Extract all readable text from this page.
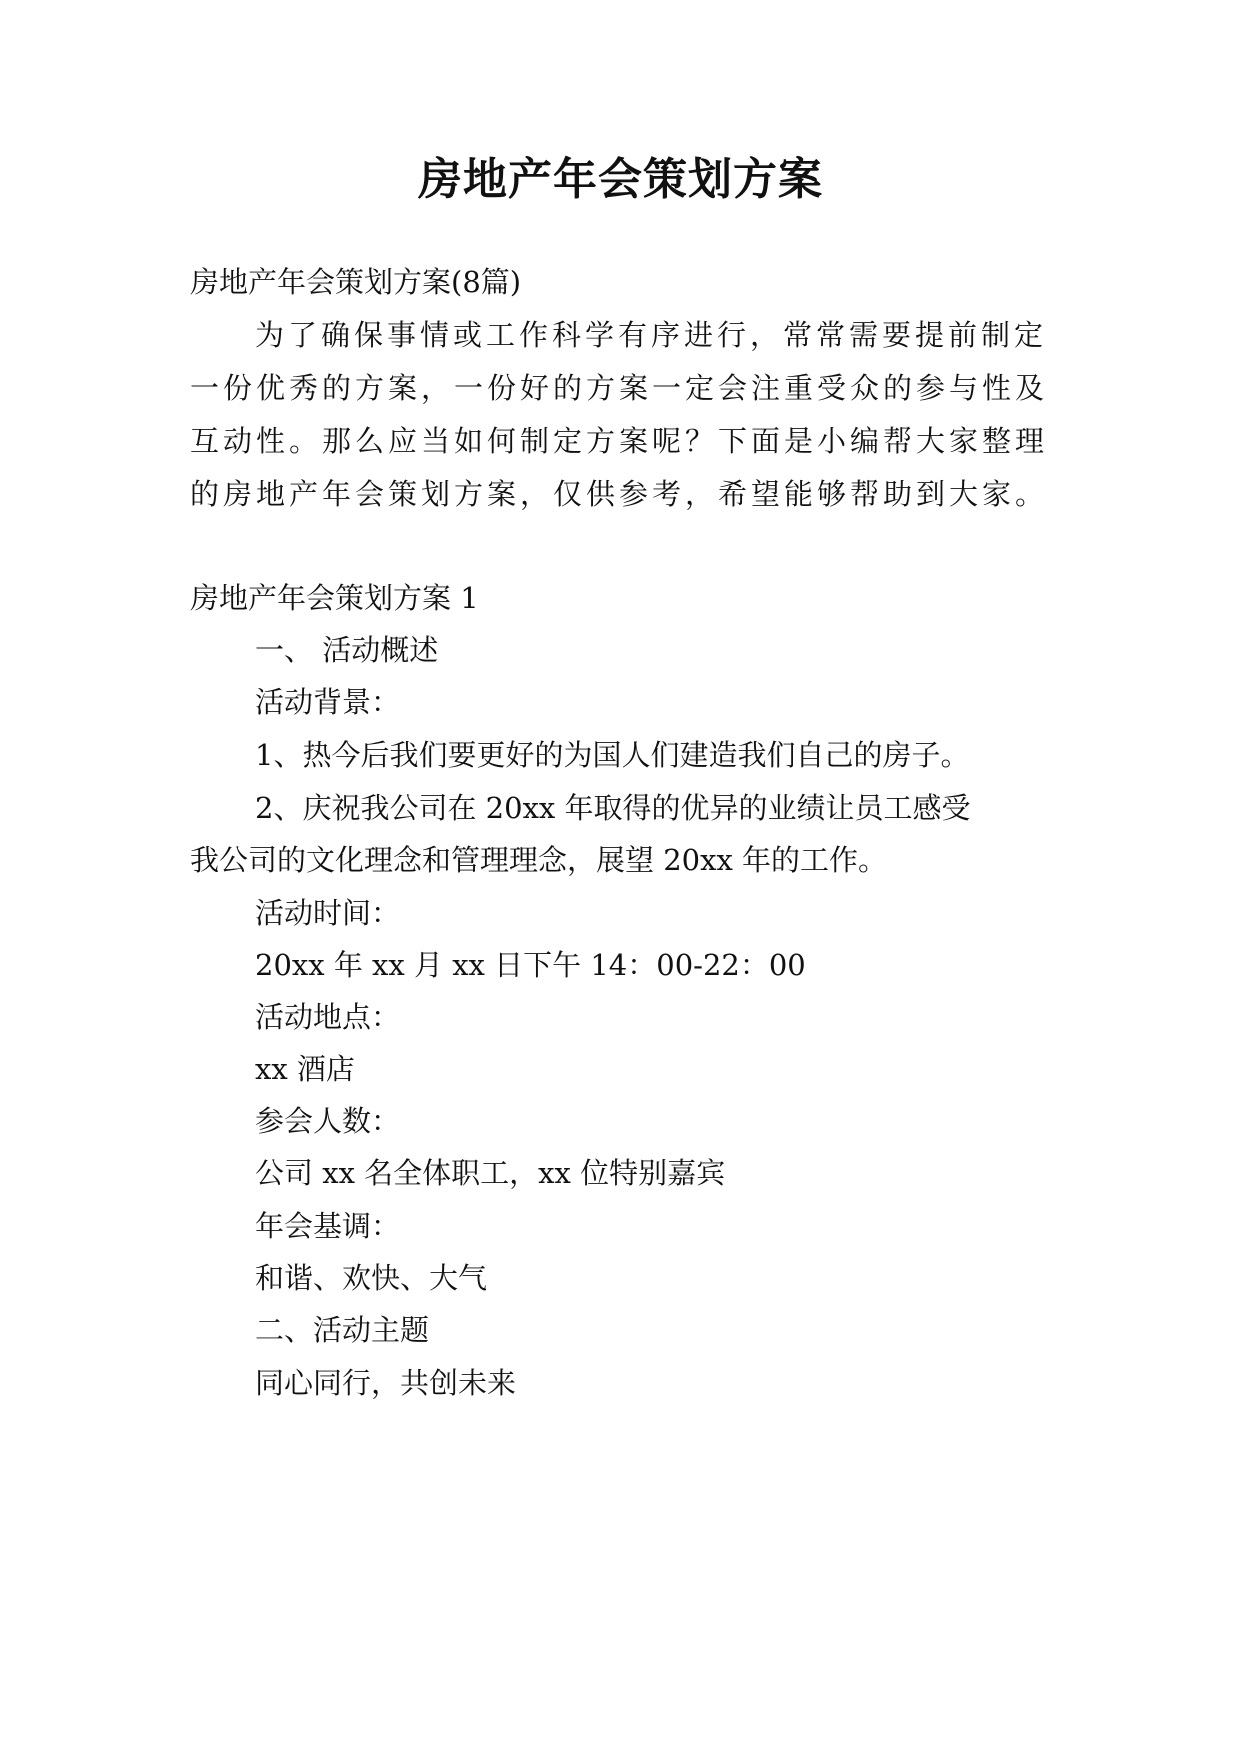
房地产年会策划方案
房地产年会策划方案(8篇)
为了确保事情或工作科学有序进行，常常需要提前制定
一份优秀的方案，一份好的方案一定会注重受众的参与性及
互动性。那么应当如何制定方案呢？下面是小编帮大家整理
的房地产年会策划方案，仅供参考，希望能够帮助到大家。
房地产年会策划方案 1
一、 活动概述
活动背景：
1、热今后我们要更好的为国人们建造我们自己的房子。
2、庆祝我公司在 20xx 年取得的优异的业绩让员工感受
我公司的文化理念和管理理念，展望 20xx 年的工作。
活动时间：
20xx 年 xx 月 xx 日下午 14：00-22：00
活动地点：
xx 酒店
参会人数：
公司 xx 名全体职工，xx 位特别嘉宾
年会基调：
和谐、欢快、大气
二、活动主题
同心同行，共创未来
